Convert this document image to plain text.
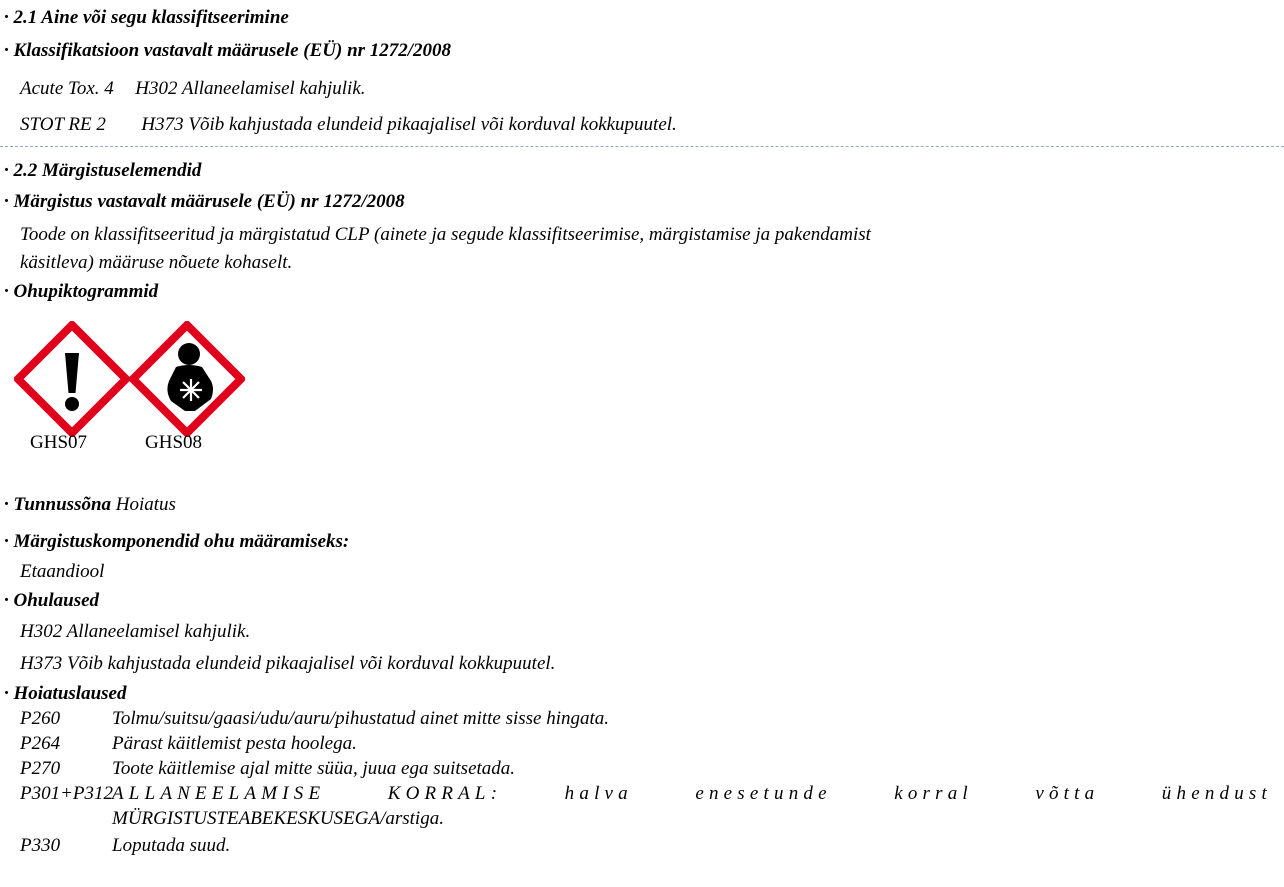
· 2.1 Aine või segu klassifitseerimine
· Klassifikatsioon vastavalt määrusele (EÜ) nr 1272/2008
Acute Tox. 4 H302 Allaneelamisel kahjulik.
STOT RE 2 H373 Võib kahjustada elundeid pikaajalisel või korduval kokkupuutel.
· 2.2 Märgistuselemendid
· Märgistus vastavalt määrusele (EÜ) nr 1272/2008
Toode on klassifitseeritud ja märgistatud CLP (ainete ja segude klassifitseerimise, märgistamise ja pakendamist
käsitleva) määruse nõuete kohaselt.
· Ohupiktogrammid
GHS07	GHS08
· Tunnussõna Hoiatus
· Märgistuskomponendid ohu määramiseks:
Etaandiool
· Ohulaused
H302 Allaneelamisel kahjulik.
H373 Võib kahjustada elundeid pikaajalisel või korduval kokkupuutel.
· Hoiatuslaused
P260	Tolmu/suitsu/gaasi/udu/auru/pihustatud ainet mitte sisse hingata.
P264	Pärast käitlemist pesta hoolega.
P270	Toote käitlemise ajal mitte süüa, juua ega suitsetada.
P301+P312
ALLANEELAMISE KORRAL: halva enesetunde korral võtta ühendust
MÜRGISTUSTEABEKESKUSEGA/arstiga.
P330	Loputada suud.
